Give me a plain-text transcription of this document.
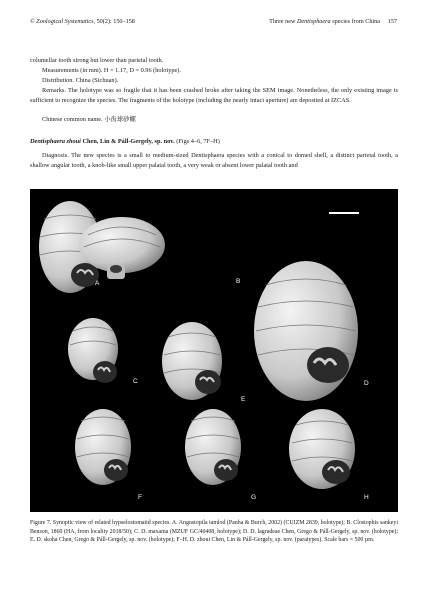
© Zoological Systematics, 50(2): 150–158	Three new Dentisphaera species from China 157
columellar tooth strong but lower than parietal tooth.
Measurements (in mm). H = 1.17, D = 0.96 (holotype).
Distribution. China (Sichuan).
Remarks. The holotype was so fragile that it has been crashed broke after taking the SEM image. Nonetheless, the only existing image is sufficient to recognize the species. The fragments of the holotype (including the nearly intact aperture) are deposited at IZCAS.
Chinese common name. 小齿球砂螺
Dentisphaera zhoui Chen, Lin & Páll-Gergely, sp. nov. (Figs 4–6, 7F–H)
Diagnosis. The new species is a small to medium-sized Dentisphaera species with a conical to domed shell, a distinct parietal tooth, a shallow angular tooth, a knob-like small upper palatal tooth, a very weak or absent lower palatal tooth and
A	B
C	D
E
F	G	H
Figure 7. Synoptic view of related hypselostomatid species. A. Angustopila tamlod (Panha & Burch, 2002) (CUIZM 2839, holotype); B. Clostophis sankeyi Benson, 1860 (HA, from locality 2018/50); C. D. maxama (MZUF GC/40408, holotype); D. D. lagradeae Chen, Grego & Páll-Gergely, sp. nov. (holotype); E. D. skoha Chen, Grego & Páll-Gergely, sp. nov. (holotype); F–H. D. zhoui Chen, Lin & Páll-Gergely, sp. nov. (paratypes). Scale bars = 500 µm.
